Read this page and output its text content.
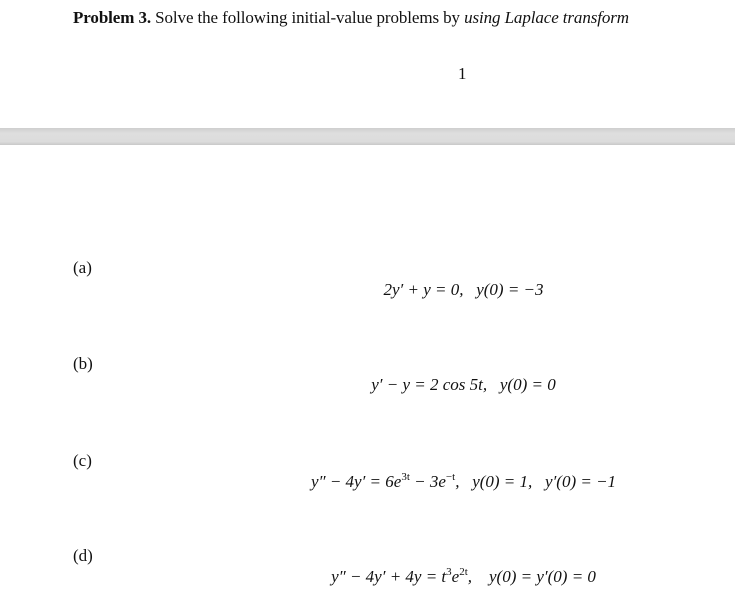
Problem 3. Solve the following initial-value problems by using Laplace transform
1
(a)
2y′ + y = 0,   y(0) = −3
(b)
y′ − y = 2 cos 5t,   y(0) = 0
(c)
$y'' - 4y' = 6e^{3t} - 3e^{-t}$,   y(0) = 1,   y′(0) = −1
(d)
$y'' - 4y' + 4y = t^3e^{2t}$,    y(0) = y′(0) = 0
